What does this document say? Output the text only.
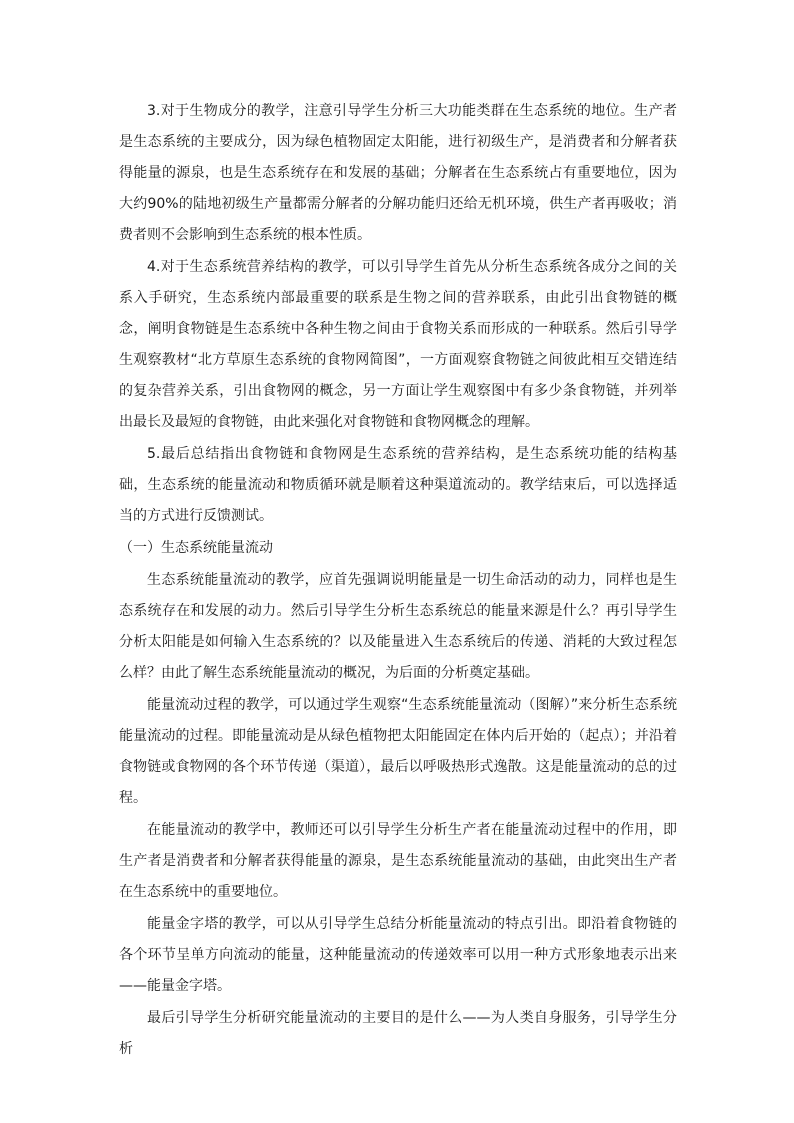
3.对于生物成分的教学，注意引导学生分析三大功能类群在生态系统的地位。生产者是生态系统的主要成分，因为绿色植物固定太阳能，进行初级生产，是消费者和分解者获得能量的源泉，也是生态系统存在和发展的基础；分解者在生态系统占有重要地位，因为大约90%的陆地初级生产量都需分解者的分解功能归还给无机环境，供生产者再吸收；消费者则不会影响到生态系统的根本性质。

4.对于生态系统营养结构的教学，可以引导学生首先从分析生态系统各成分之间的关系入手研究，生态系统内部最重要的联系是生物之间的营养联系，由此引出食物链的概念，阐明食物链是生态系统中各种生物之间由于食物关系而形成的一种联系。然后引导学生观察教材“北方草原生态系统的食物网简图”，一方面观察食物链之间彼此相互交错连结的复杂营养关系，引出食物网的概念，另一方面让学生观察图中有多少条食物链，并列举出最长及最短的食物链，由此来强化对食物链和食物网概念的理解。

5.最后总结指出食物链和食物网是生态系统的营养结构，是生态系统功能的结构基础，生态系统的能量流动和物质循环就是顺着这种渠道流动的。教学结束后，可以选择适当的方式进行反馈测试。

（一）生态系统能量流动

生态系统能量流动的教学，应首先强调说明能量是一切生命活动的动力，同样也是生态系统存在和发展的动力。然后引导学生分析生态系统总的能量来源是什么？再引导学生分析太阳能是如何输入生态系统的？以及能量进入生态系统后的传递、消耗的大致过程怎么样？由此了解生态系统能量流动的概况，为后面的分析奠定基础。

能量流动过程的教学，可以通过学生观察“生态系统能量流动（图解）”来分析生态系统能量流动的过程。即能量流动是从绿色植物把太阳能固定在体内后开始的（起点）；并沿着食物链或食物网的各个环节传递（渠道），最后以呼吸热形式逸散。这是能量流动的总的过程。

在能量流动的教学中，教师还可以引导学生分析生产者在能量流动过程中的作用，即生产者是消费者和分解者获得能量的源泉，是生态系统能量流动的基础，由此突出生产者在生态系统中的重要地位。

能量金字塔的教学，可以从引导学生总结分析能量流动的特点引出。即沿着食物链的各个环节呈单方向流动的能量，这种能量流动的传递效率可以用一种方式形象地表示出来——能量金字塔。

最后引导学生分析研究能量流动的主要目的是什么——为人类自身服务，引导学生分析
